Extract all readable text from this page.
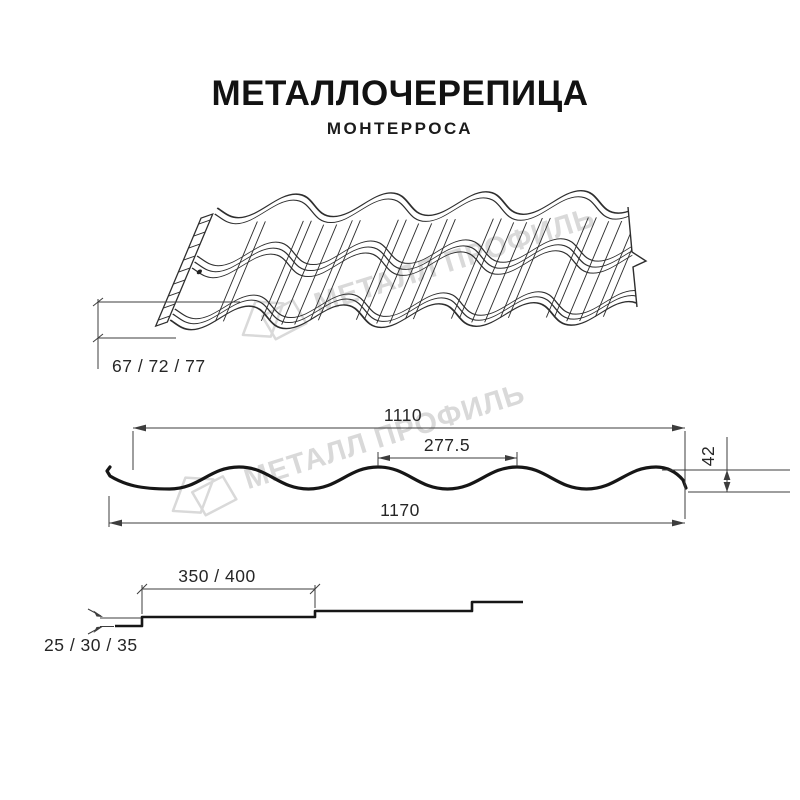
МЕТАЛЛОЧЕРЕПИЦА
МОНТЕРРОСА
67 / 72 / 77
1110
277.5
42
1170
350 / 400
25 / 30 / 35
